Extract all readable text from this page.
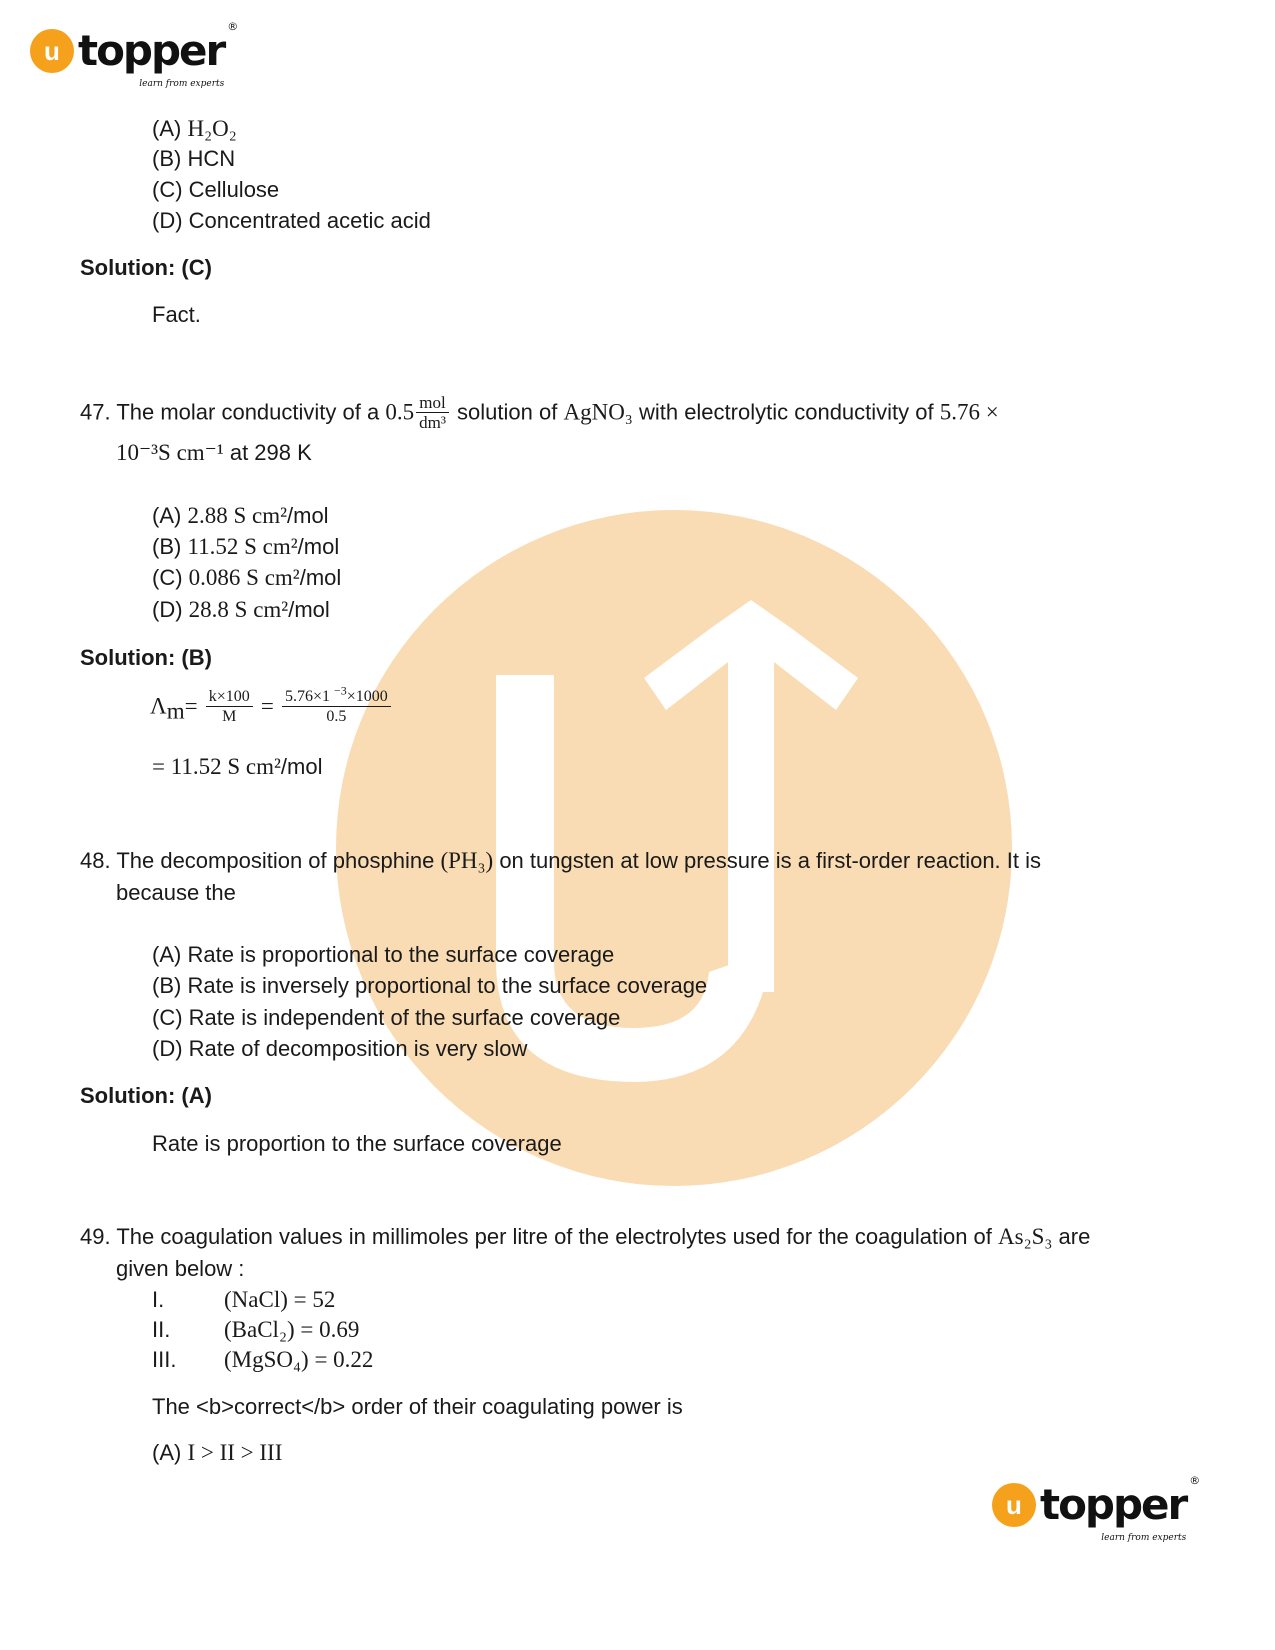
u topper ®
learn from experts
(A) H₂O₂
(B) HCN
(C) Cellulose
(D) Concentrated acetic acid
Solution: (C)
Fact.
47. The molar conductivity of a $0.5 \frac{\text{mol}}{\text{dm³}}$ solution of AgNO₃ with electrolytic conductivity of 5.76 ×
10⁻³S cm⁻¹ at 298 K
(A) 2.88 S cm²/mol
(B) 11.52 S cm²/mol
(C) 0.086 S cm²/mol
(D) 28.8 S cm²/mol
Solution: (B)
$\Lambda_m= \frac{k\times 100}{M} = \frac{5.76\times 1 ^{-3}\times 1000}{0.5}$
= 11.52 S cm²/mol
48. The decomposition of phosphine (PH₃) on tungsten at low pressure is a first-order reaction. It is
because the
(A) Rate is proportional to the surface coverage
(B) Rate is inversely proportional to the surface coverage
(C) Rate is independent of the surface coverage
(D) Rate of decomposition is very slow
Solution: (A)
Rate is proportion to the surface coverage
49. The coagulation values in millimoles per litre of the electrolytes used for the coagulation of As₂S₃ are
given below :
I.	(NaCl) = 52
II. (BaCl₂) = 0.69
III. (MgSO₄) = 0.22
The <b>correct</b> order of their coagulating power is
(A) I > II > III
u topper ®
learn from experts
